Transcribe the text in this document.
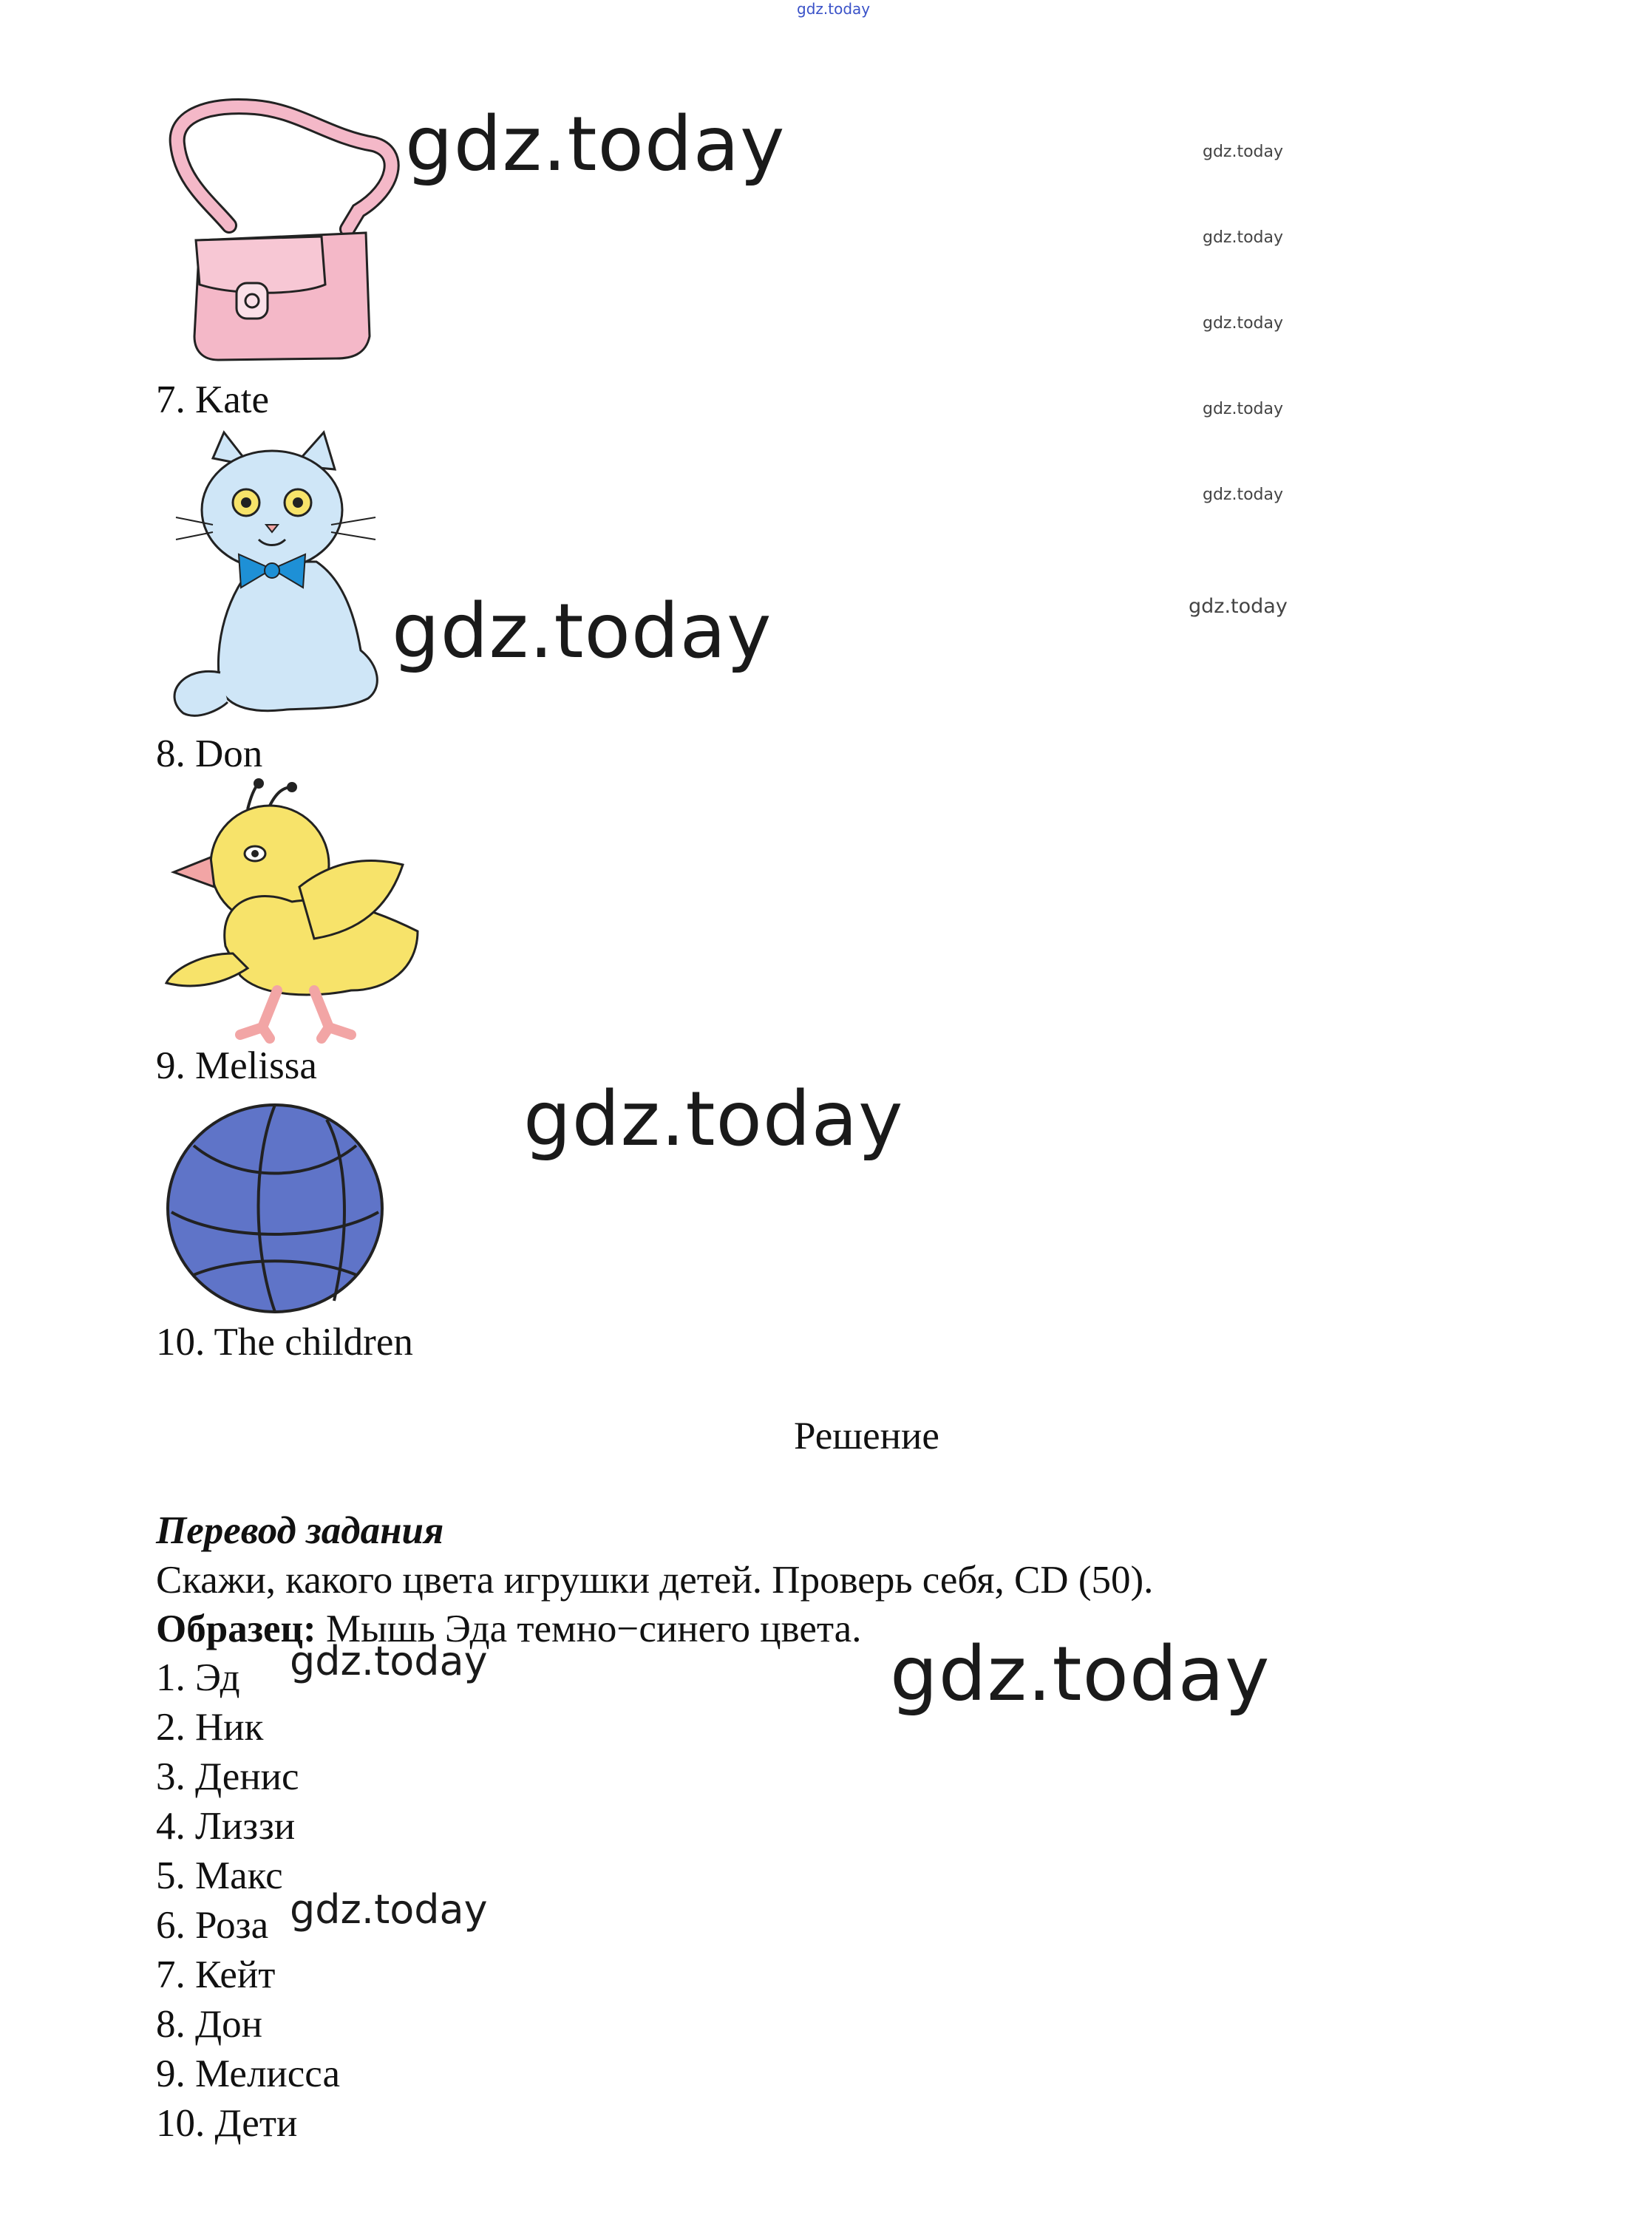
gdz.today
gdz.today
gdz.today
gdz.today
gdz.today
gdz.today
gdz.today
gdz.today
7. Kate
gdz.today
8. Don
9. Melissa
gdz.today
10. The children
Решение
Перевод задания
Скажи, какого цвета игрушки детей. Проверь себя, CD (50).
Образец: Мышь Эда темно−синего цвета.
1. Эд
2. Ник
3. Денис
4. Лиззи
5. Макс
6. Роза
7. Кейт
8. Дон
9. Мелисса
10. Дети
gdz.today	gdz.today
gdz.today
